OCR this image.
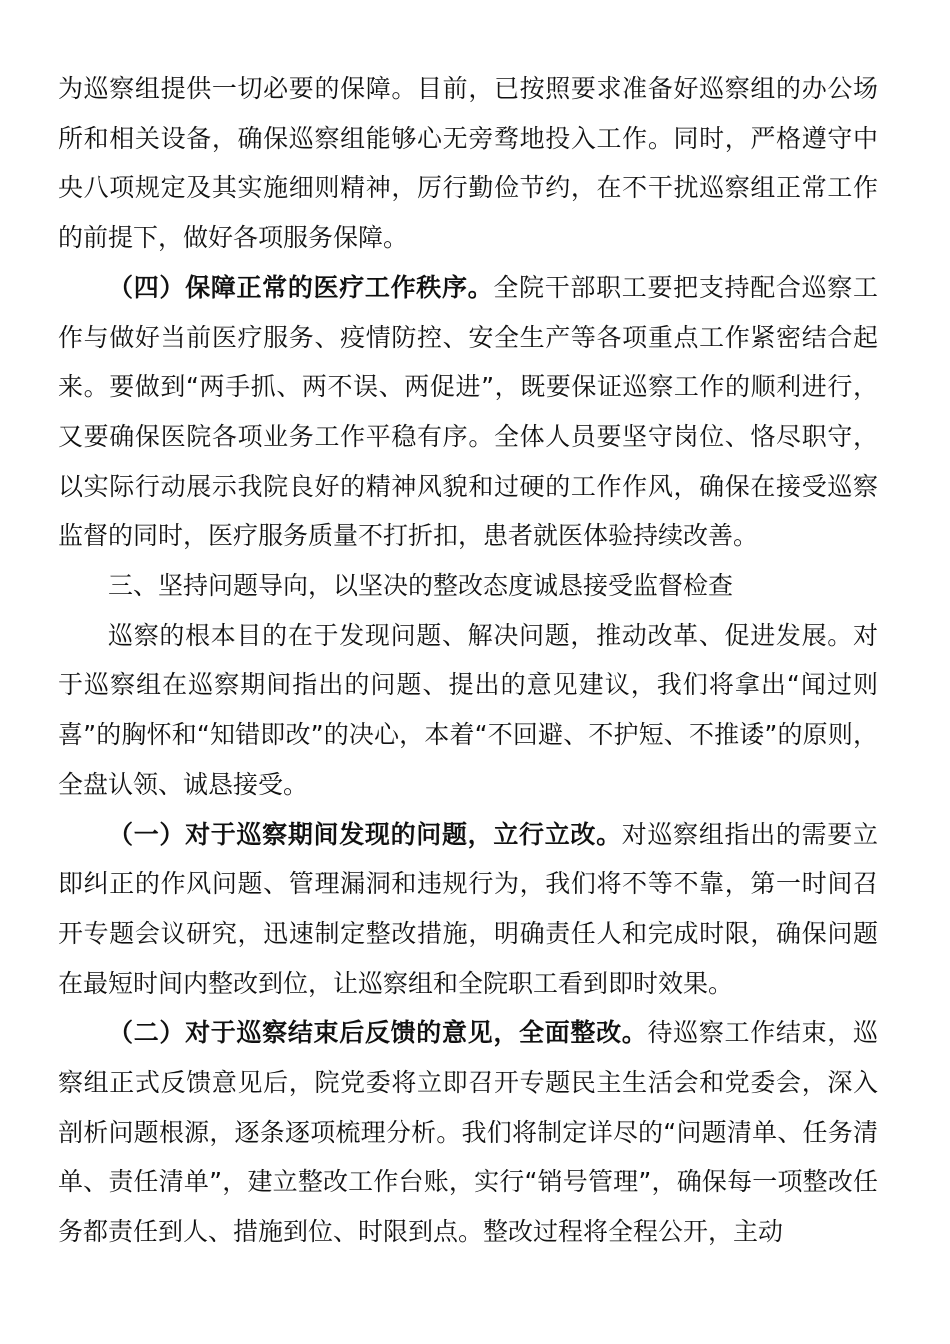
为巡察组提供一切必要的保障。目前，已按照要求准备好巡察组的办公场所和相关设备，确保巡察组能够心无旁骛地投入工作。同时，严格遵守中央八项规定及其实施细则精神，厉行勤俭节约，在不干扰巡察组正常工作的前提下，做好各项服务保障。

（四）保障正常的医疗工作秩序。全院干部职工要把支持配合巡察工作与做好当前医疗服务、疫情防控、安全生产等各项重点工作紧密结合起来。要做到“两手抓、两不误、两促进”，既要保证巡察工作的顺利进行，又要确保医院各项业务工作平稳有序。全体人员要坚守岗位、恪尽职守，以实际行动展示我院良好的精神风貌和过硬的工作作风，确保在接受巡察监督的同时，医疗服务质量不打折扣，患者就医体验持续改善。

三、坚持问题导向，以坚决的整改态度诚恳接受监督检查

巡察的根本目的在于发现问题、解决问题，推动改革、促进发展。对于巡察组在巡察期间指出的问题、提出的意见建议，我们将拿出“闻过则喜”的胸怀和“知错即改”的决心，本着“不回避、不护短、不推诿”的原则，全盘认领、诚恳接受。

（一）对于巡察期间发现的问题，立行立改。对巡察组指出的需要立即纠正的作风问题、管理漏洞和违规行为，我们将不等不靠，第一时间召开专题会议研究，迅速制定整改措施，明确责任人和完成时限，确保问题在最短时间内整改到位，让巡察组和全院职工看到即时效果。

（二）对于巡察结束后反馈的意见，全面整改。待巡察工作结束，巡察组正式反馈意见后，院党委将立即召开专题民主生活会和党委会，深入剖析问题根源，逐条逐项梳理分析。我们将制定详尽的“问题清单、任务清单、责任清单”，建立整改工作台账，实行“销号管理”，确保每一项整改任务都责任到人、措施到位、时限到点。整改过程将全程公开，主动
